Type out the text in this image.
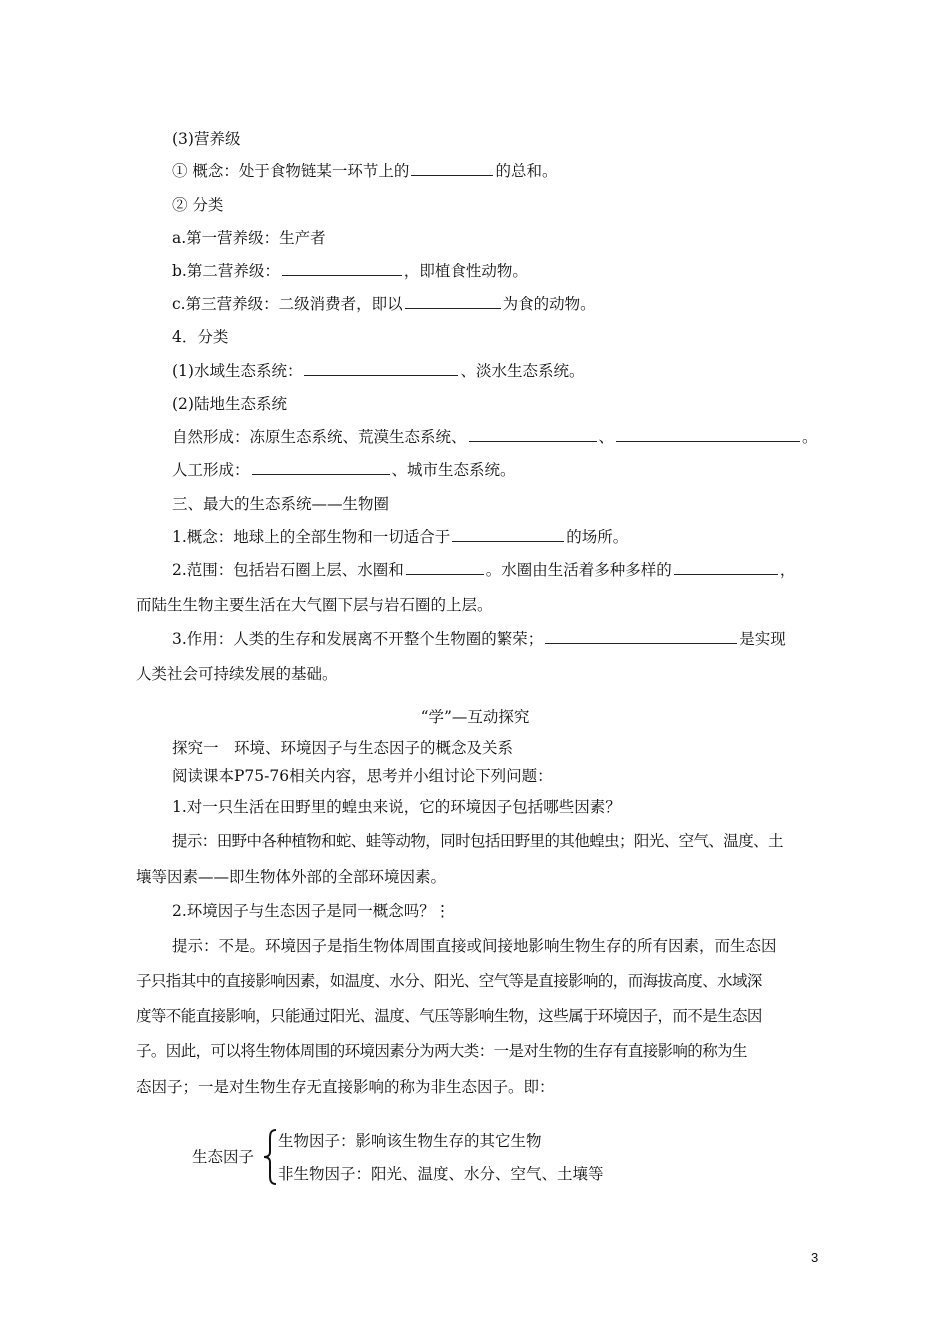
(3)营养级
① 概念：处于食物链某一环节上的	的总和。
② 分类
a.第一营养级：生产者
b.第二营养级：	，即植食性动物。
c.第三营养级：二级消费者，即以	为食的动物。
4．分类
(1)水域生态系统：	、淡水生态系统。
(2)陆地生态系统
自然形成：冻原生态系统、荒漠生态系统、	、	。
人工形成：	、城市生态系统。
三、最大的生态系统——生物圈
1.概念：地球上的全部生物和一切适合于	的场所。
2.范围：包括岩石圈上层、水圈和	。水圈由生活着多种多样的	，
而陆生生物主要生活在大气圈下层与岩石圈的上层。
3.作用：人类的生存和发展离不开整个生物圈的繁荣；	是实现
人类社会可持续发展的基础。
“学”—互动探究
探究一　环境、环境因子与生态因子的概念及关系
阅读课本P75-76相关内容，思考并小组讨论下列问题：
1.对一只生活在田野里的蝗虫来说，它的环境因子包括哪些因素？
提示：田野中各种植物和蛇、蛙等动物，同时包括田野里的其他蝗虫；阳光、空气、温度、土
壤等因素——即生物体外部的全部环境因素。
2.环境因子与生态因子是同一概念吗？⋮
提示：不是。环境因子是指生物体周围直接或间接地影响生物生存的所有因素，而生态因
子只指其中的直接影响因素，如温度、水分、阳光、空气等是直接影响的，而海拔高度、水域深
度等不能直接影响，只能通过阳光、温度、气压等影响生物，这些属于环境因子，而不是生态因
子。因此，可以将生物体周围的环境因素分为两大类：一是对生物的生存有直接影响的称为生
态因子；一是对生物生存无直接影响的称为非生态因子。即：
生态因子
生物因子：影响该生物生存的其它生物
非生物因子：阳光、温度、水分、空气、土壤等
3
